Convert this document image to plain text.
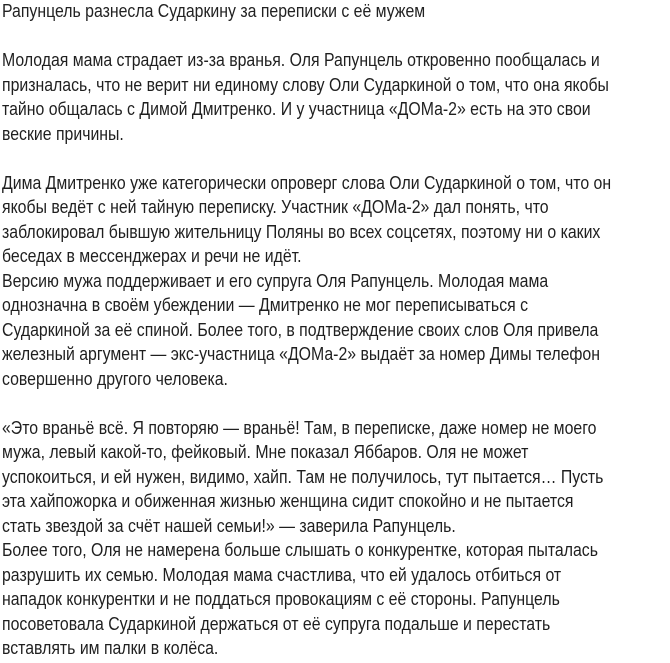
Рапунцель разнесла Сударкину за переписки с её мужем
Молодая мама страдает из-за вранья. Оля Рапунцель откровенно пообщалась и
призналась, что не верит ни единому слову Оли Сударкиной о том, что она якобы
тайно общалась с Димой Дмитренко. И у участница «ДОМа-2» есть на это свои
веские причины.
Дима Дмитренко уже категорически опроверг слова Оли Сударкиной о том, что он
якобы ведёт с ней тайную переписку. Участник «ДОМа-2» дал понять, что
заблокировал бывшую жительницу Поляны во всех соцсетях, поэтому ни о каких
беседах в мессенджерах и речи не идёт.
Версию мужа поддерживает и его супруга Оля Рапунцель. Молодая мама
однозначна в своём убеждении — Дмитренко не мог переписываться с
Сударкиной за её спиной. Более того, в подтверждение своих слов Оля привела
железный аргумент — экс-участница «ДОМа-2» выдаёт за номер Димы телефон
совершенно другого человека.
«Это враньё всё. Я повторяю — враньё! Там, в переписке, даже номер не моего
мужа, левый какой-то, фейковый. Мне показал Яббаров. Оля не может
успокоиться, и ей нужен, видимо, хайп. Там не получилось, тут пытается… Пусть
эта хайпожорка и обиженная жизнью женщина сидит спокойно и не пытается
стать звездой за счёт нашей семьи!» — заверила Рапунцель.
Более того, Оля не намерена больше слышать о конкурентке, которая пыталась
разрушить их семью. Молодая мама счастлива, что ей удалось отбиться от
нападок конкурентки и не поддаться провокациям с её стороны. Рапунцель
посоветовала Сударкиной держаться от её супруга подальше и перестать
вставлять им палки в колёса.
